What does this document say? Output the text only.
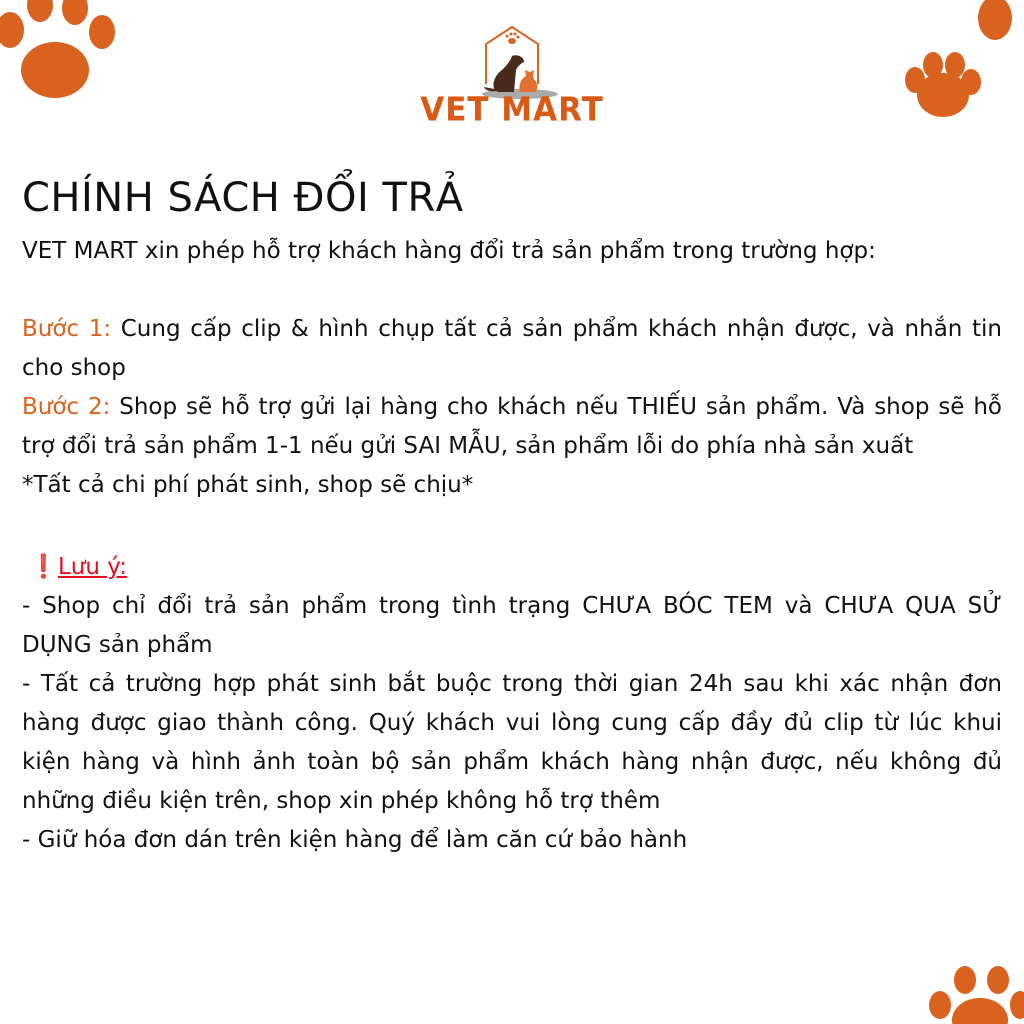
VET MART
CHÍNH SÁCH ĐỔI TRẢ

VET MART xin phép hỗ trợ khách hàng đổi trả sản phẩm trong trường hợp:

Bước 1: Cung cấp clip & hình chụp tất cả sản phẩm khách nhận được, và nhắn tin cho shop

Bước 2: Shop sẽ hỗ trợ gửi lại hàng cho khách nếu THIẾU sản phẩm. Và shop sẽ hỗ trợ đổi trả sản phẩm 1-1 nếu gửi SAI MẪU, sản phẩm lỗi do phía nhà sản xuất

*Tất cả chi phí phát sinh, shop sẽ chịu*

❗Lưu ý:

- Shop chỉ đổi trả sản phẩm trong tình trạng CHƯA BÓC TEM và CHƯA QUA SỬ DỤNG sản phẩm

- Tất cả trường hợp phát sinh bắt buộc trong thời gian 24h sau khi xác nhận đơn hàng được giao thành công. Quý khách vui lòng cung cấp đầy đủ clip từ lúc khui kiện hàng và hình ảnh toàn bộ sản phẩm khách hàng nhận được, nếu không đủ những điều kiện trên, shop xin phép không hỗ trợ thêm

- Giữ hóa đơn dán trên kiện hàng để làm căn cứ bảo hành
